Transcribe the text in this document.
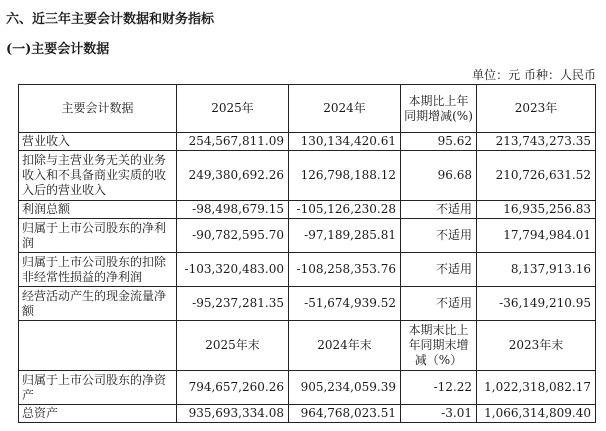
六、近三年主要会计数据和财务指标
(一)主要会计数据
单位：元 币种：人民币
主要会计数据	2025年	2024年	本期比上年同期增减(%)	2023年
营业收入	254,567,811.09	130,134,420.61	95.62	213,743,273.35
扣除与主营业务无关的业务收入和不具备商业实质的收入后的营业收入	249,380,692.26	126,798,188.12	96.68	210,726,631.52
利润总额	-98,498,679.15	-105,126,230.28	不适用	16,935,256.83
归属于上市公司股东的净利润	-90,782,595.70	-97,189,285.81	不适用	17,794,984.01
归属于上市公司股东的扣除非经常性损益的净利润	-103,320,483.00	-108,258,353.76	不适用	8,137,913.16
经营活动产生的现金流量净额	-95,237,281.35	-51,674,939.52	不适用	-36,149,210.95
	2025年末	2024年末	本期末比上年同期末增减（%）	2023年末
归属于上市公司股东的净资产	794,657,260.26	905,234,059.39	-12.22	1,022,318,082.17
总资产	935,693,334.08	964,768,023.51	-3.01	1,066,314,809.40
